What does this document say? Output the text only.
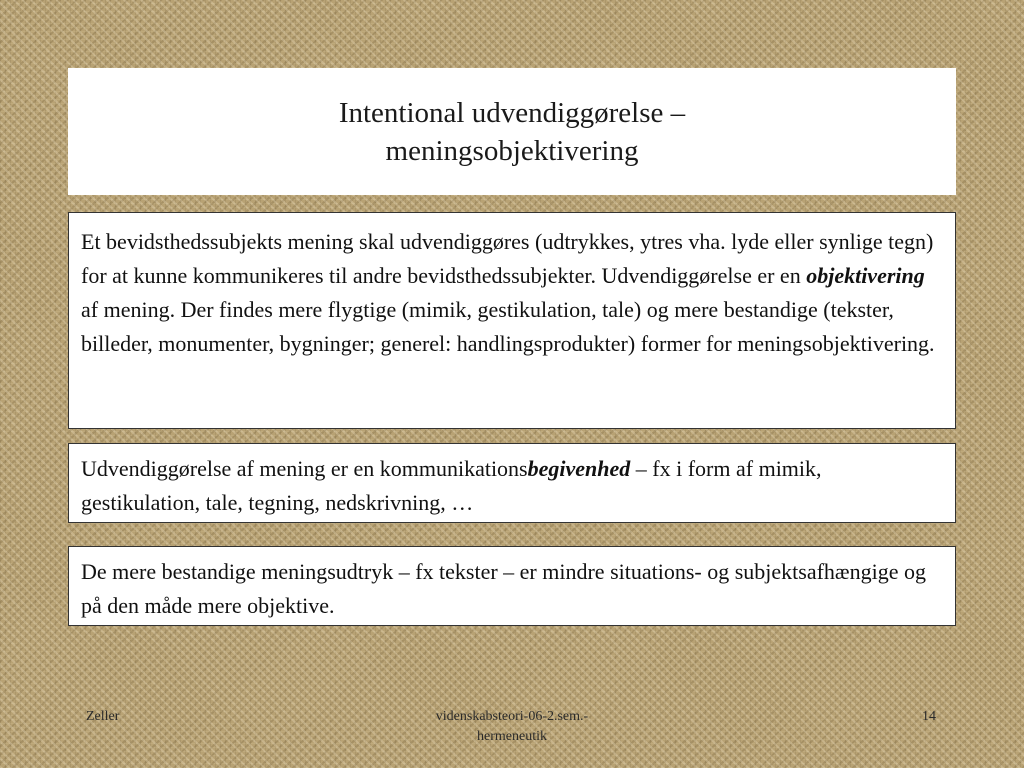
Intentional udvendiggørelse –
meningsobjektivering
Et bevidsthedssubjekts mening skal udvendiggøres (udtrykkes, ytres vha. lyde eller synlige tegn) for at kunne kommunikeres til andre bevidsthedssubjekter. Udvendiggørelse er en objektivering af mening. Der findes mere flygtige (mimik, gestikulation, tale) og mere bestandige (tekster, billeder, monumenter, bygninger; generel: handlingsprodukter) former for meningsobjektivering.
Udvendiggørelse af mening er en kommunikationsbegivenhed – fx i form af mimik, gestikulation, tale, tegning, nedskrivning, …
De mere bestandige meningsudtryk – fx tekster – er mindre situations- og subjektsafhængige og på den måde mere objektive.
Zeller	videnskabsteori-06-2.sem.-
hermeneutik
14
